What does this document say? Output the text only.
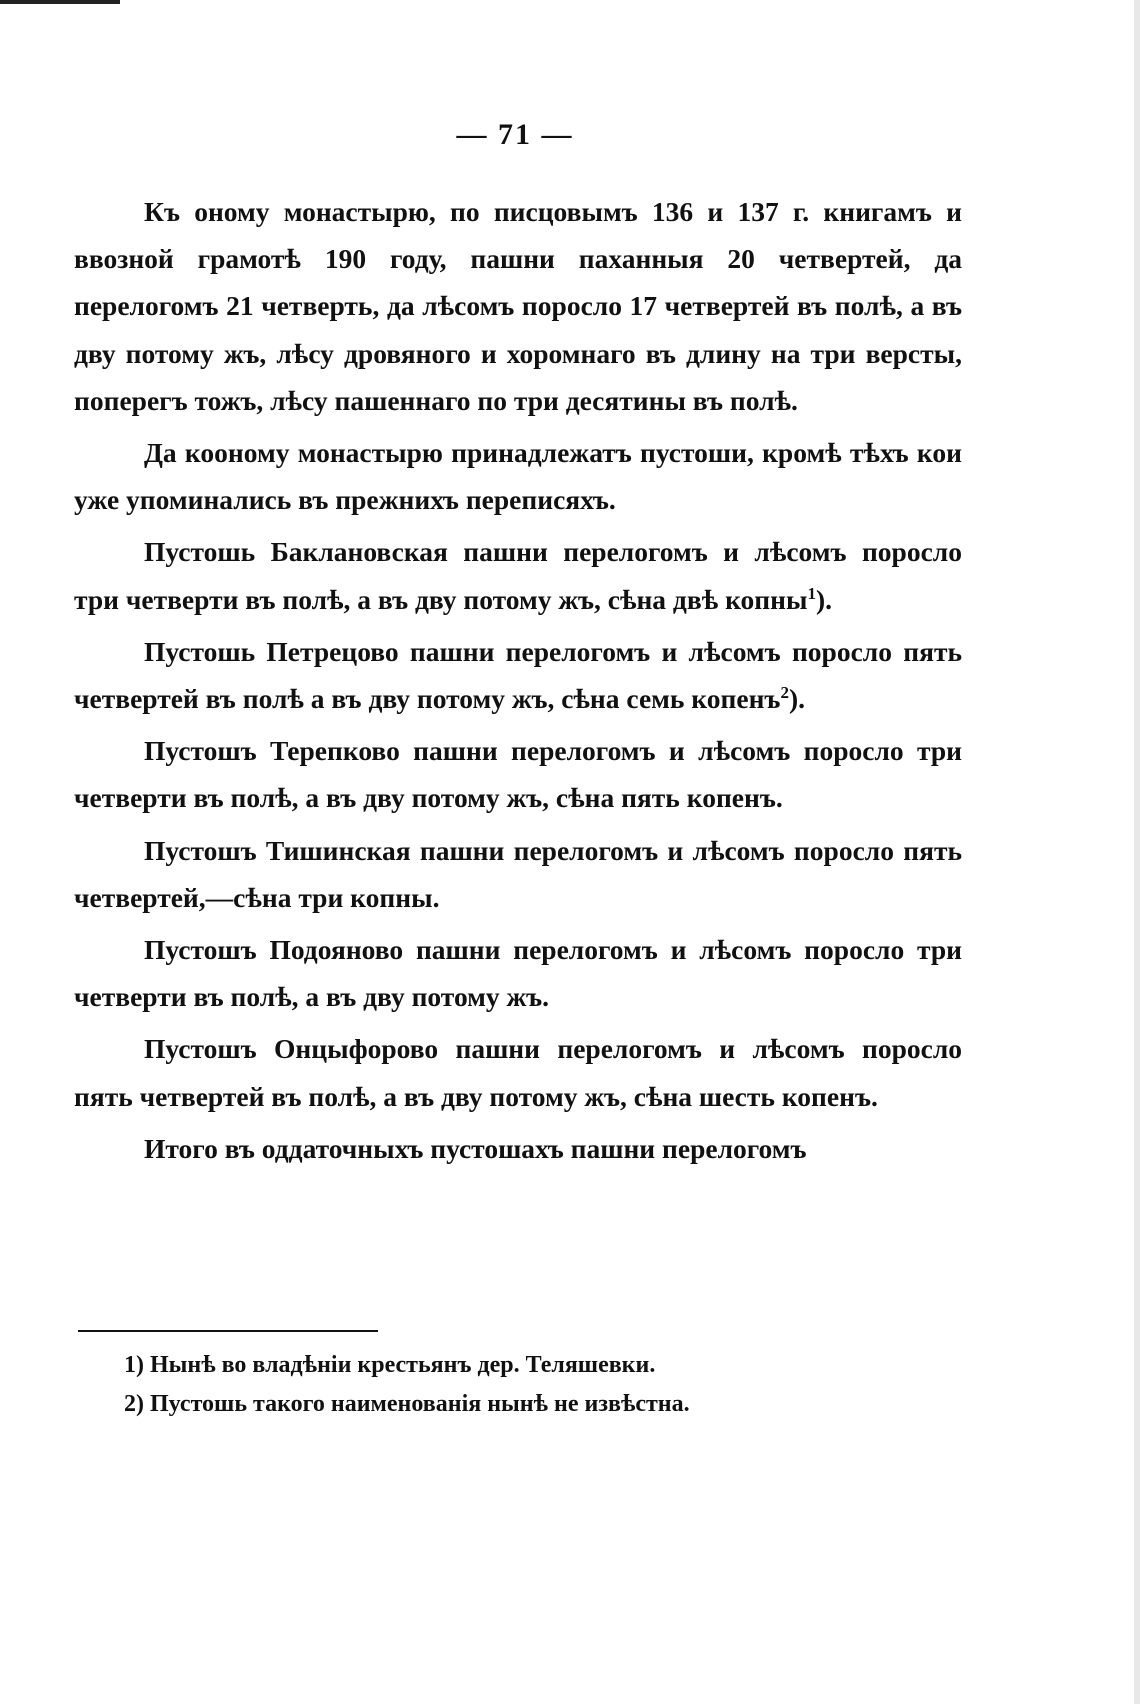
— 71 —

Къ оному монастырю, по писцовымъ 136 и 137 г. книгамъ и ввозной грамотѣ 190 году, пашни паханныя 20 четвертей, да перелогомъ 21 четверть, да лѣсомъ поросло 17 четвертей въ полѣ, а въ дву потому жъ, лѣсу дровяного и хоромнаго въ длину на три версты, поперегъ тожъ, лѣсу пашеннаго по три десятины въ полѣ.

Да коономy монастырю принадлежатъ пустоши, кромѣ тѣхъ кои уже упоминались въ прежнихъ переписяхъ.

Пустошь Баклановская пашни перелогомъ и лѣсомъ поросло три четверти въ полѣ, а въ дву потому жъ, сѣна двѣ копны$^1$).

Пустошь Петрецово пашни перелогомъ и лѣсомъ поросло пять четвертей въ полѣ а въ дву потому жъ, сѣна семь копенъ$^2$).

Пустошъ Терепково пашни перелогомъ и лѣсомъ поросло три четверти въ полѣ, а въ дву потому жъ, сѣна пять копенъ.

Пустошъ Тишинская пашни перелогомъ и лѣсомъ поросло пять четвертей,—сѣна три копны.

Пустошъ Подояново пашни перелогомъ и лѣсомъ поросло три четверти въ полѣ, а въ дву потому жъ.

Пустошъ Онцыфорово пашни перелогомъ и лѣсомъ поросло пять четвертей въ полѣ, а въ дву потому жъ, сѣна шесть копенъ.

Итого въ оддаточныхъ пустошахъ пашни перелогомъ

1) Нынѣ во владѣнiи крестьянъ дер. Теляшевки.
2) Пустошь такого наименованiя нынѣ не извѣстна.
